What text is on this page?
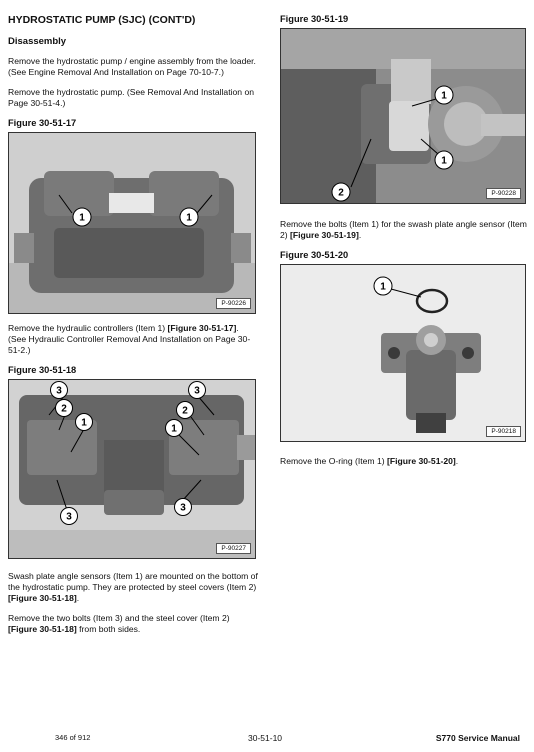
HYDROSTATIC PUMP (SJC) (CONT'D)
Disassembly

Remove the hydrostatic pump / engine assembly from the loader. (See Engine Removal And Installation on Page 70-10-7.)

Remove the hydrostatic pump. (See Removal And Installation on Page 30-51-4.)

Figure 30-51-17
1	1
P-90226

Remove the hydraulic controllers (Item 1) [Figure 30-51-17]. (See Hydraulic Controller Removal And Installation on Page 30-51-2.)

Figure 30-51-18
3
2
1
3
2
1
3
3
P-90227

Swash plate angle sensors (Item 1) are mounted on the bottom of the hydrostatic pump. They are protected by steel covers (Item 2) [Figure 30-51-18].

Remove the two bolts (Item 3) and the steel cover (Item 2) [Figure 30-51-18] from both sides.

Figure 30-51-19
1
1
2	P-90228

Remove the bolts (Item 1) for the swash plate angle sensor (Item 2) [Figure 30-51-19].

Figure 30-51-20
1
P-90218

Remove the O-ring (Item 1) [Figure 30-51-20].

346 of 912	30-51-10	S770 Service Manual
